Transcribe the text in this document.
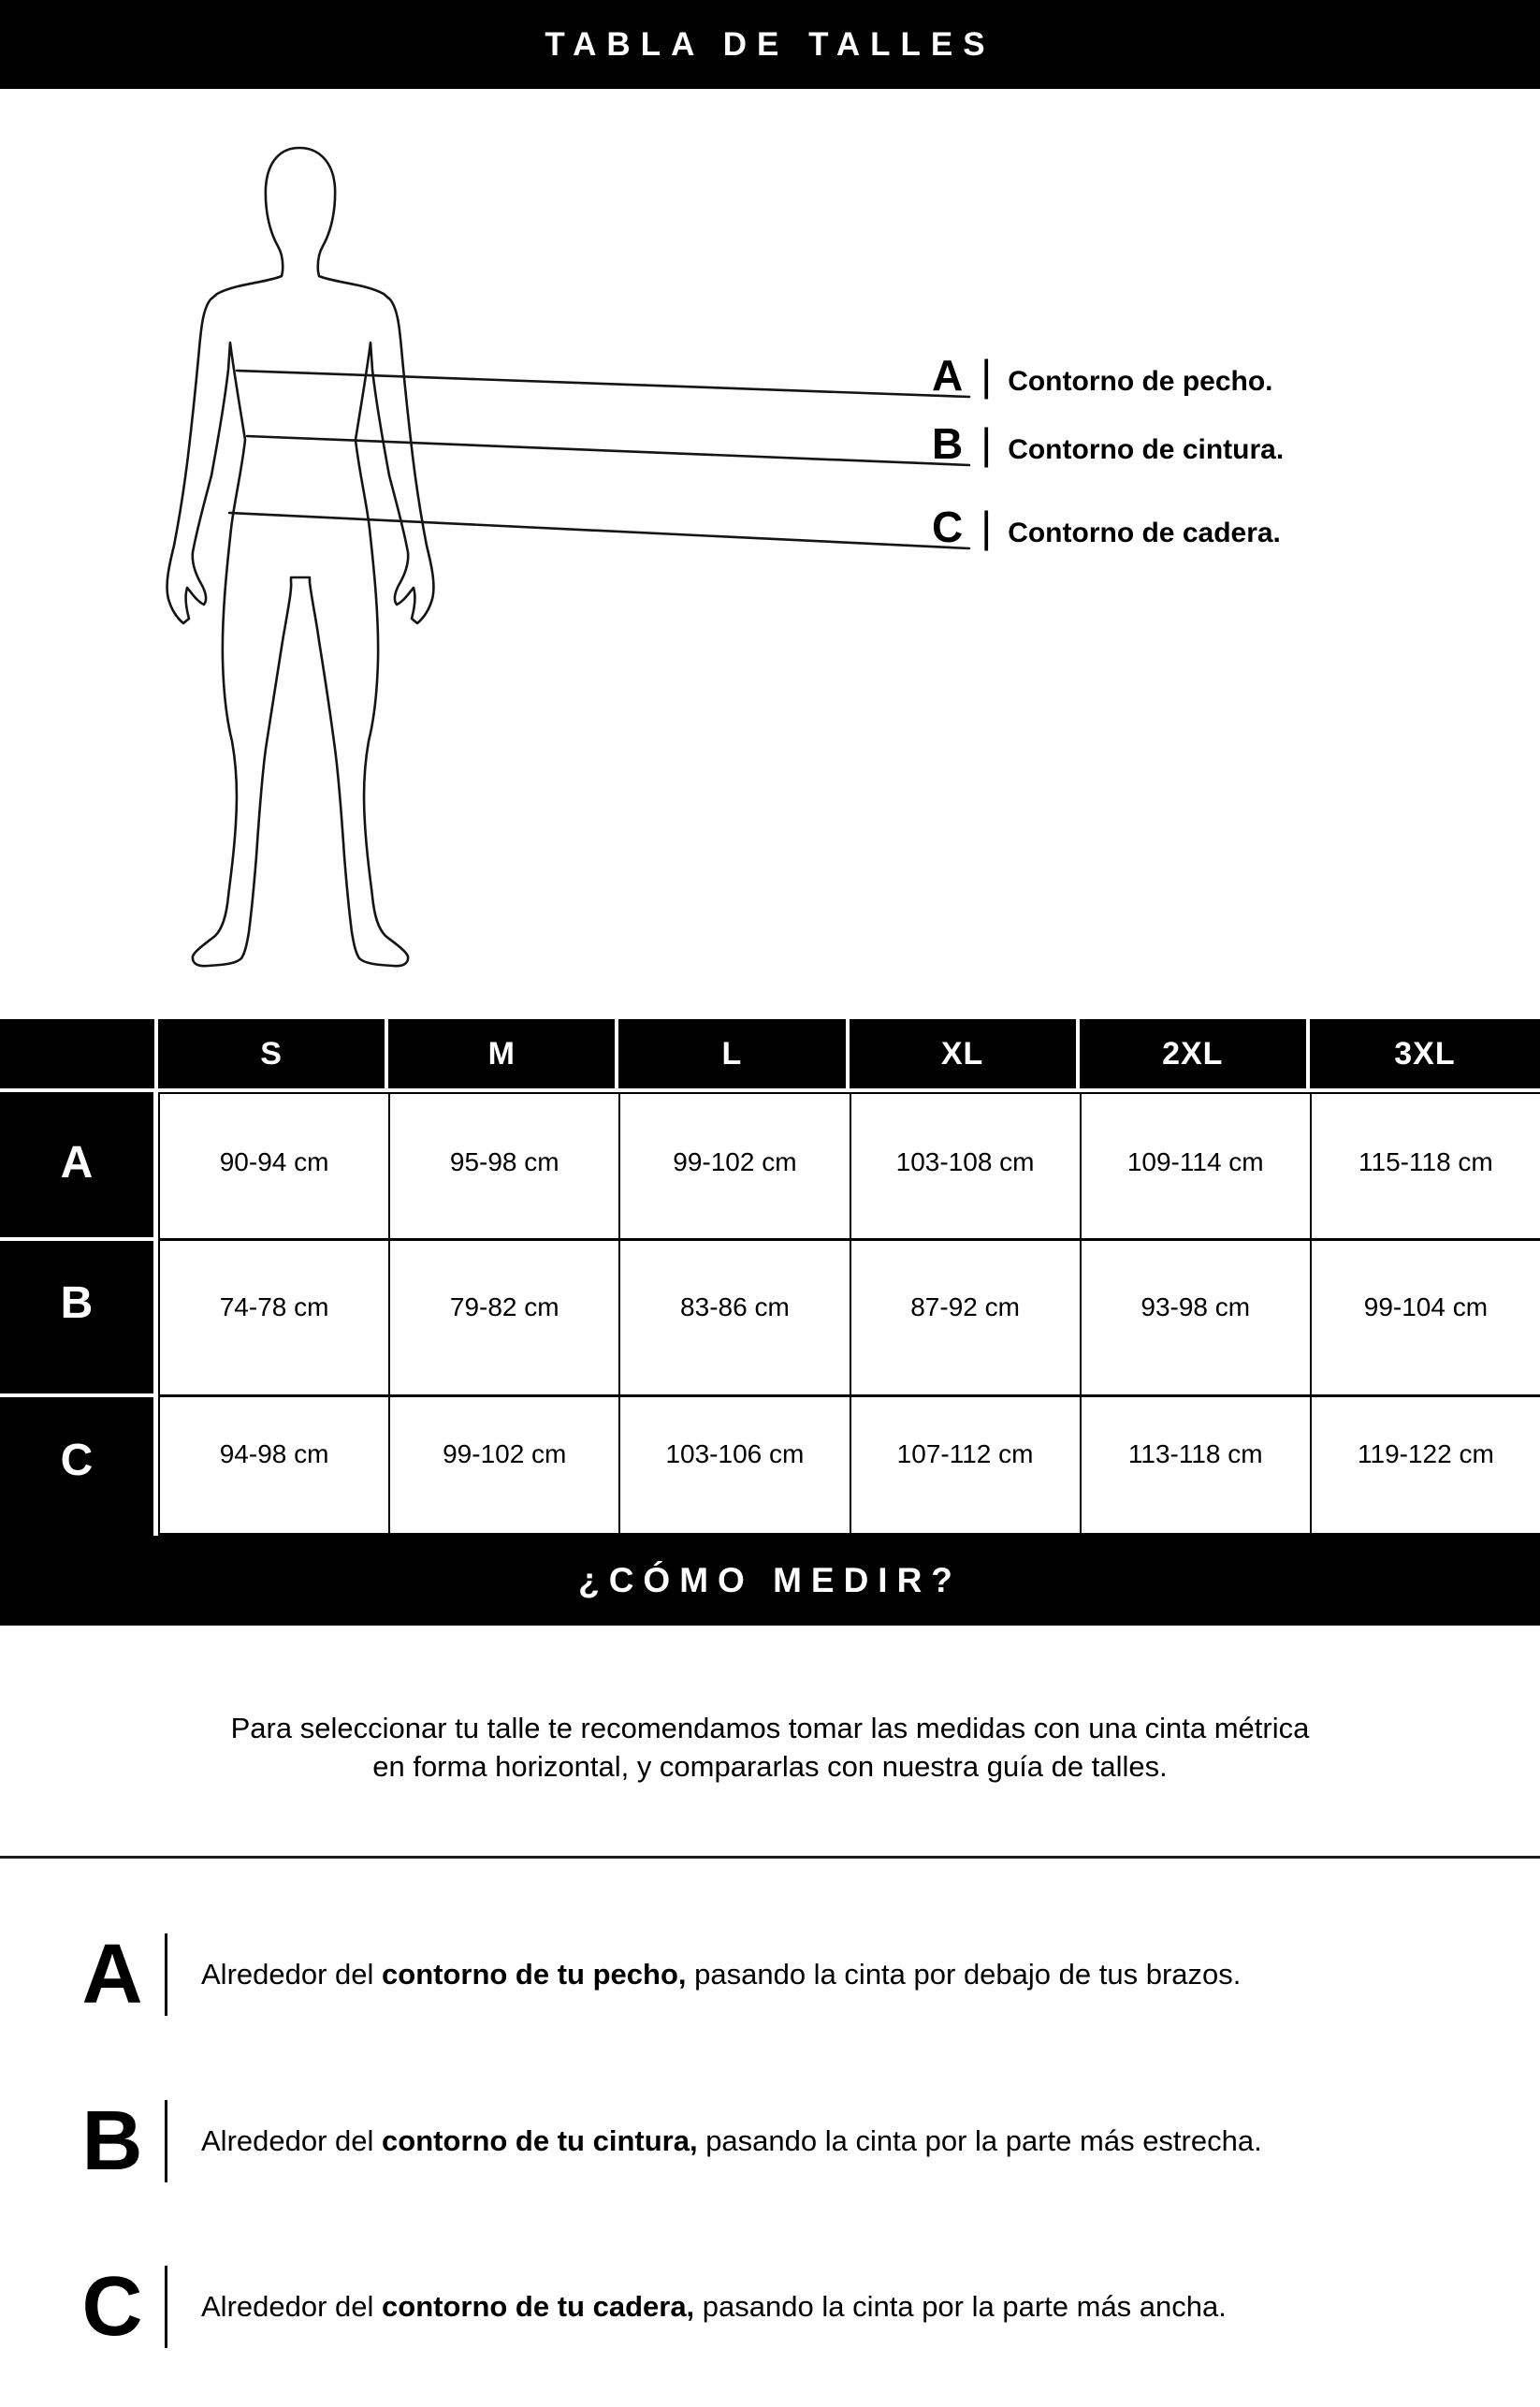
TABLA DE TALLES
A | Contorno de pecho.
B | Contorno de cintura.
C | Contorno de cadera.
S	M	L	XL	2XL	3XL
A	90-94 cm	95-98 cm	99-102 cm	103-108 cm	109-114 cm	115-118 cm
B	74-78 cm	79-82 cm	83-86 cm	87-92 cm	93-98 cm	99-104 cm
C	94-98 cm	99-102 cm	103-106 cm	107-112 cm	113-118 cm	119-122 cm
¿CÓMO MEDIR?
Para seleccionar tu talle te recomendamos tomar las medidas con una cinta métrica
en forma horizontal, y compararlas con nuestra guía de talles.
A	Alrededor del contorno de tu pecho, pasando la cinta por debajo de tus brazos.
B	Alrededor del contorno de tu cintura, pasando la cinta por la parte más estrecha.
C	Alrededor del contorno de tu cadera, pasando la cinta por la parte más ancha.
